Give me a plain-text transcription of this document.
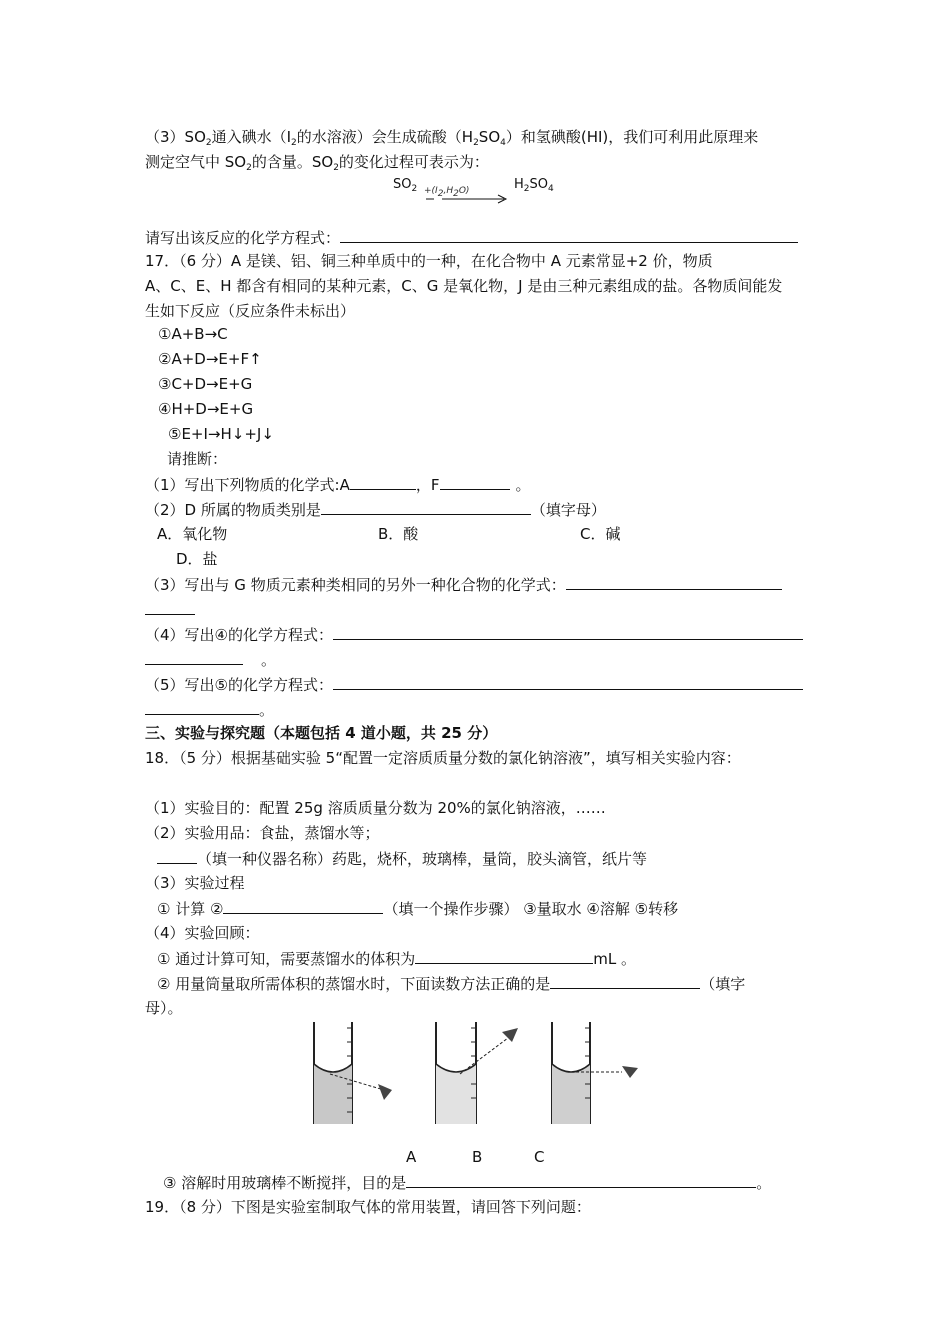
$(3)SO_2$通入碘水（$I_2$的水溶液）会生成硫酸$(H_2SO_4)$和氢碘酸(HI)，我们可利用此原理来
测定空气中 $SO_2$的含量。$SO_2$的变化过程可表示为：
$SO_2 +(I_2,H_2O)$	$H_2SO_4$
请写出该反应的化学方程式：
17．（6 分）A 是镁、铝、铜三种单质中的一种，在化合物中 A 元素常显+2 价，物质
A、C、E、H 都含有相同的某种元素，C、G 是氧化物，J 是由三种元素组成的盐。各物质间能发
生如下反应（反应条件未标出）
①A+B→C
②A+D→E+F↑
③C+D→E+G
④H+D→E+G
⑤E+I→H↓+J↓
请推断：
（1）写出下列物质的化学式:A	，F	。
（2）D 所属的物质类别是	（填字母）
A．氧化物	B．酸	C．碱
D．盐
（3）写出与 G 物质元素种类相同的另外一种化合物的化学式：
（4）写出④的化学方程式：
。
（5）写出⑤的化学方程式：
。
三、实验与探究题（本题包括 4 道小题，共 25 分）
18．（5 分）根据基础实验 5“配置一定溶质质量分数的氯化钠溶液”，填写相关实验内容：
（1）实验目的：配置 25g 溶质质量分数为 20%的氯化钠溶液，……
（2）实验用品：食盐，蒸馏水等；
（填一种仪器名称）药匙，烧杯，玻璃棒，量筒，胶头滴管，纸片等
（3）实验过程
① 计算 ②	（填一个操作步骤） ③量取水 ④溶解 ⑤转移
（4）实验回顾：
① 通过计算可知，需要蒸馏水的体积为	mL 。
② 用量筒量取所需体积的蒸馏水时，下面读数方法正确的是	（填字
母）。
A	B	C
③ 溶解时用玻璃棒不断搅拌，目的是	。
19．（8 分）下图是实验室制取气体的常用装置，请回答下列问题：
